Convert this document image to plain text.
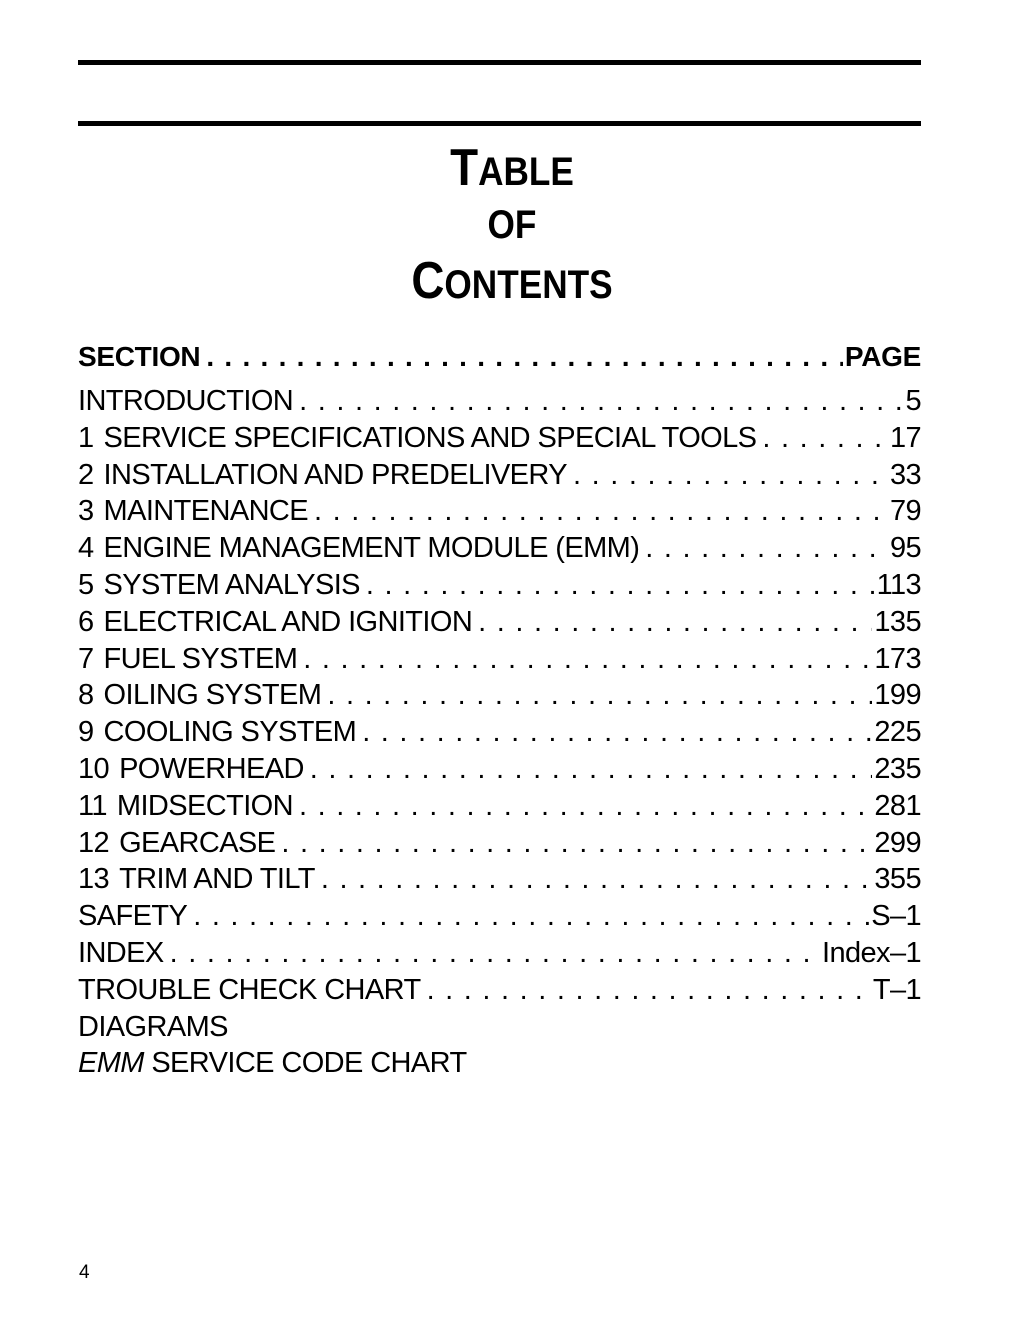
TABLE
OF
CONTENTS
SECTION . . .	PAGE
INTRODUCTION . . .	5
1 SERVICE SPECIFICATIONS AND SPECIAL TOOLS . . .	17
2 INSTALLATION AND PREDELIVERY . . .	33
3 MAINTENANCE . . .	79
4 ENGINE MANAGEMENT MODULE (EMM) . . .	95
5 SYSTEM ANALYSIS . . .	113
6 ELECTRICAL AND IGNITION . . .	135
7 FUEL SYSTEM . . .	173
8 OILING SYSTEM . . .	199
9 COOLING SYSTEM . . .	225
10 POWERHEAD . . .	235
11 MIDSECTION . . .	281
12 GEARCASE . . .	299
13 TRIM AND TILT . . .	355
SAFETY . . .	S–1
INDEX . . .	Index–1
TROUBLE CHECK CHART . . .	T–1
DIAGRAMS
EMM SERVICE CODE CHART
4
